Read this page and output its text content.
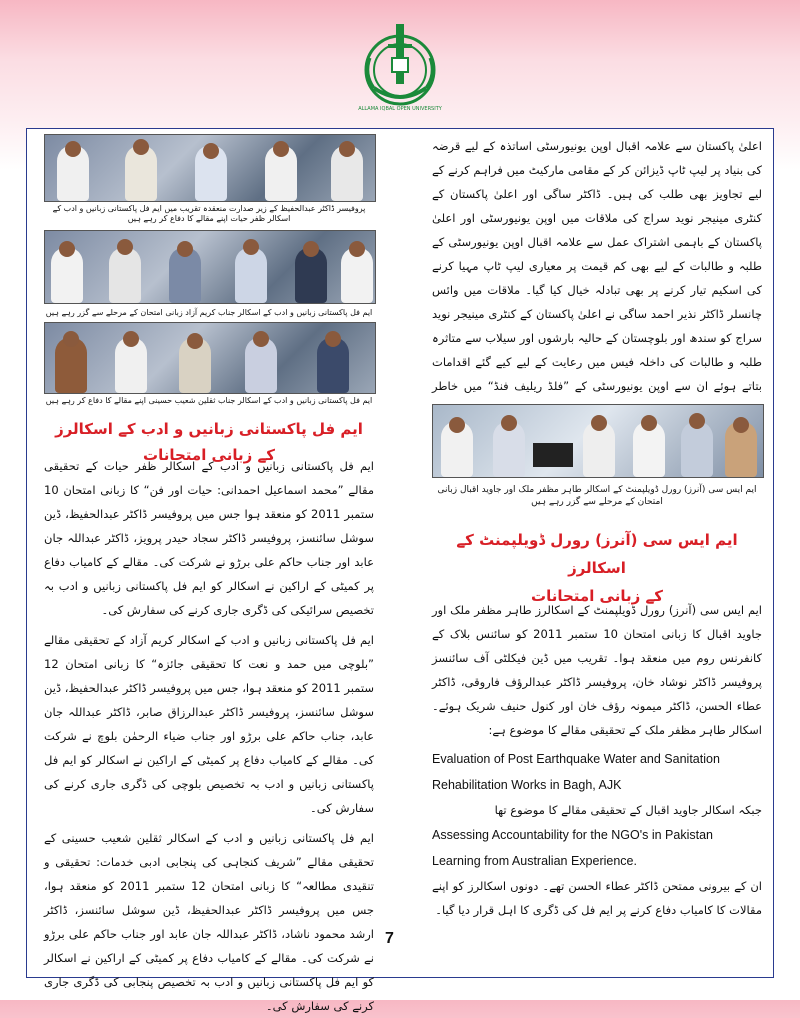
ALLAMA IQBAL OPEN UNIVERSITY
پروفیسر ڈاکٹر عبدالحفیظ کے زیر صدارت منعقدہ تقریب میں ایم فل پاکستانی زبانیں و ادب کے اسکالر ظفر حیات اپنے مقالے کا دفاع کر رہے ہیں
ایم فل پاکستانی زبانیں و ادب کے اسکالر جناب کریم آزاد زبانی امتحان کے مرحلے سے گزر رہے ہیں
ایم فل پاکستانی زبانیں و ادب کے اسکالر جناب ثقلین شعیب حسینی اپنے مقالے کا دفاع کر رہے ہیں
ایم فل پاکستانی زبانیں و ادب کے اسکالرز کے زبانی امتحانات

ایم فل پاکستانی زبانیں و ادب کے اسکالر ظفر حیات کے تحقیقی مقالے ”محمد اسماعیل احمدانی: حیات اور فن“ کا زبانی امتحان 10 ستمبر 2011 کو منعقد ہوا جس میں پروفیسر ڈاکٹر عبدالحفیظ، ڈین سوشل سائنسز، پروفیسر ڈاکٹر سجاد حیدر پرویز، ڈاکٹر عبداللہ جان عابد اور جناب حاکم علی برڑو نے شرکت کی۔ مقالے کے کامیاب دفاع پر کمیٹی کے اراکین نے اسکالر کو ایم فل پاکستانی زبانیں و ادب بہ تخصیص سرائیکی کی ڈگری جاری کرنے کی سفارش کی۔

ایم فل پاکستانی زبانیں و ادب کے اسکالر کریم آزاد کے تحقیقی مقالے ”بلوچی میں حمد و نعت کا تحقیقی جائزہ“ کا زبانی امتحان 12 ستمبر 2011 کو منعقد ہوا، جس میں پروفیسر ڈاکٹر عبدالحفیظ، ڈین سوشل سائنسز، پروفیسر ڈاکٹر عبدالرزاق صابر، ڈاکٹر عبداللہ جان عابد، جناب حاکم علی برڑو اور جناب ضیاء الرحمٰن بلوچ نے شرکت کی۔ مقالے کے کامیاب دفاع پر کمیٹی کے اراکین نے اسکالر کو ایم فل پاکستانی زبانیں و ادب بہ تخصیص بلوچی کی ڈگری جاری کرنے کی سفارش کی۔

ایم فل پاکستانی زبانیں و ادب کے اسکالر ثقلین شعیب حسینی کے تحقیقی مقالے ”شریف کنجاہی کی پنجابی ادبی خدمات: تحقیقی و تنقیدی مطالعہ“ کا زبانی امتحان 12 ستمبر 2011 کو منعقد ہوا، جس میں پروفیسر ڈاکٹر عبدالحفیظ، ڈین سوشل سائنسز، ڈاکٹر ارشد محمود ناشاد، ڈاکٹر عبداللہ جان عابد اور جناب حاکم علی برڑو نے شرکت کی۔ مقالے کے کامیاب دفاع پر کمیٹی کے اراکین نے اسکالر کو ایم فل پاکستانی زبانیں و ادب بہ تخصیص پنجابی کی ڈگری جاری کرنے کی سفارش کی۔

اعلیٰ پاکستان سے علامہ اقبال اوپن یونیورسٹی اساتذہ کے لیے قرضہ کی بنیاد پر لیپ ٹاپ ڈیزائن کر کے مقامی مارکیٹ میں فراہم کرنے کے لیے تجاویز بھی طلب کی ہیں۔ ڈاکٹر ساگی اور اعلیٰ پاکستان کے کنٹری مینیجر نوید سراج کی ملاقات میں اوپن یونیورسٹی اور اعلیٰ پاکستان کے باہمی اشتراک عمل سے علامہ اقبال اوپن یونیورسٹی کے طلبہ و طالبات کے لیے بھی کم قیمت پر معیاری لیپ ٹاپ مہیا کرنے کی اسکیم تیار کرنے پر بھی تبادلہ خیال کیا گیا۔ ملاقات میں وائس چانسلر ڈاکٹر نذیر احمد ساگی نے اعلیٰ پاکستان کے کنٹری مینیجر نوید سراج کو سندھ اور بلوچستان کے حالیہ بارشوں اور سیلاب سے متاثرہ طلبہ و طالبات کی داخلہ فیس میں رعایت کے لیے کیے گئے اقدامات بتاتے ہوئے ان سے اوپن یونیورسٹی کے ”فلڈ ریلیف فنڈ“ میں خاطر

ایم ایس سی (آنرز) رورل ڈویلپمنٹ کے اسکالر طاہر مظفر ملک اور جاوید اقبال زبانی امتحان کے مرحلے سے گزر رہے ہیں
ایم ایس سی (آنرز) رورل ڈویلپمنٹ کے اسکالرز
کے زبانی امتحانات

ایم ایس سی (آنرز) رورل ڈویلپمنٹ کے اسکالرز طاہر مظفر ملک اور جاوید اقبال کا زبانی امتحان 10 ستمبر 2011 کو سائنس بلاک کے کانفرنس روم میں منعقد ہوا۔ تقریب میں ڈین فیکلٹی آف سائنسز پروفیسر ڈاکٹر نوشاد خان، پروفیسر ڈاکٹر عبدالرؤف فاروقی، ڈاکٹر عطاء الحسن، ڈاکٹر میمونہ رؤف خان اور کنول حنیف شریک ہوئے۔ اسکالر طاہر مظفر ملک کے تحقیقی مقالے کا موضوع ہے:

Evaluation of Post Earthquake Water and Sanitation Rehabilitation Works in Bagh, AJK

جبکہ اسکالر جاوید اقبال کے تحقیقی مقالے کا موضوع تھا

Assessing Accountability for the NGO's in Pakistan Learning from Australian Experience.

ان کے بیرونی ممتحن ڈاکٹر عطاء الحسن تھے۔ دونوں اسکالرز کو اپنے مقالات کا کامیاب دفاع کرنے پر ایم فل کی ڈگری کا اہل قرار دیا گیا۔

7
